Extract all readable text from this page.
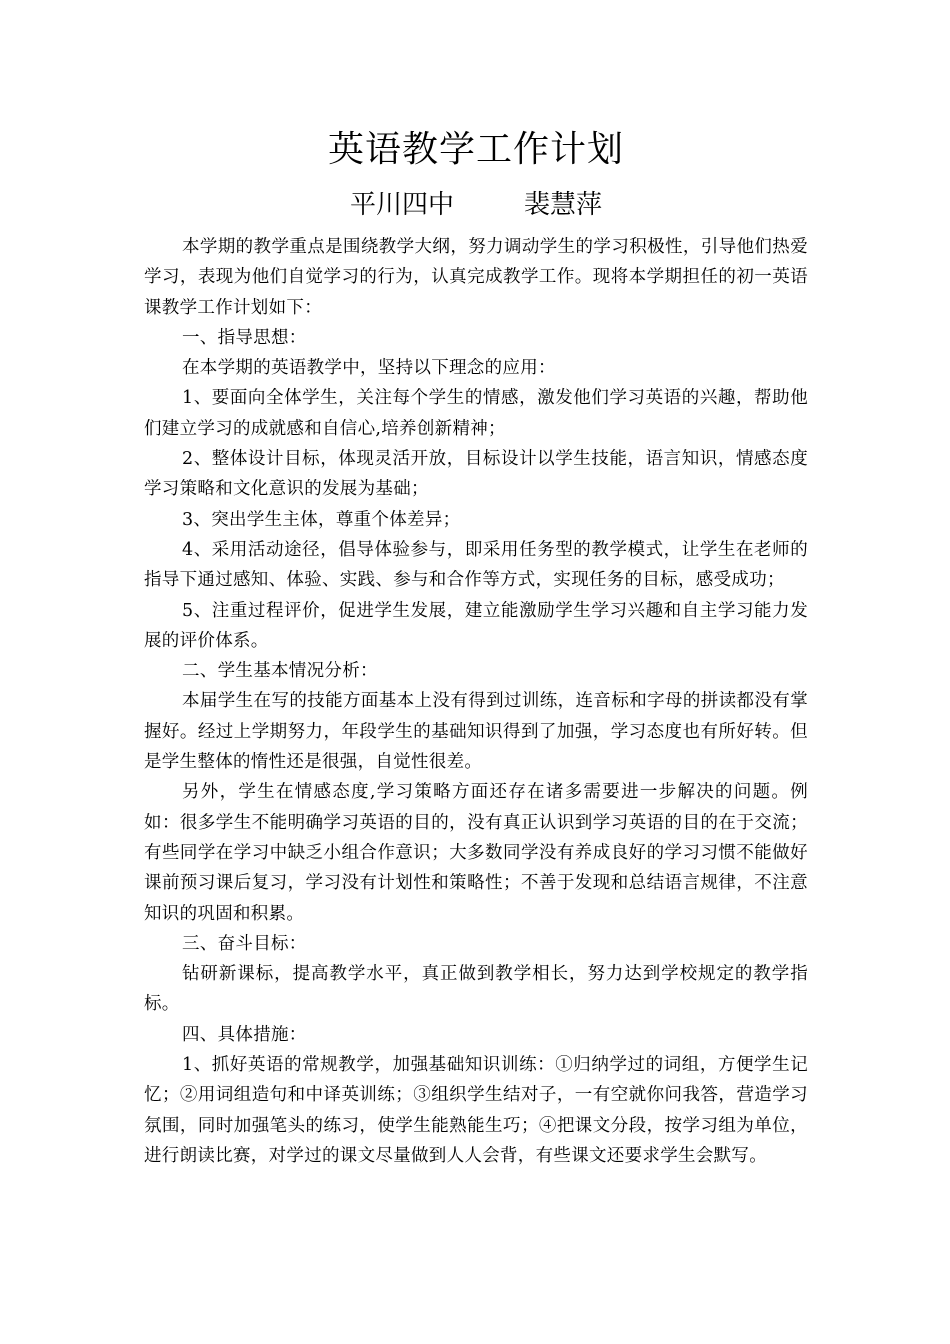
英语教学工作计划
平川四中	裴慧萍

本学期的教学重点是围绕教学大纲，努力调动学生的学习积极性，引导他们热爱学习，表现为他们自觉学习的行为，认真完成教学工作。现将本学期担任的初一英语课教学工作计划如下：

一、指导思想：

在本学期的英语教学中，坚持以下理念的应用：

1、要面向全体学生，关注每个学生的情感，激发他们学习英语的兴趣，帮助他们建立学习的成就感和自信心,培养创新精神；

2、整体设计目标，体现灵活开放，目标设计以学生技能，语言知识，情感态度学习策略和文化意识的发展为基础；

3、突出学生主体，尊重个体差异；

4、采用活动途径，倡导体验参与，即采用任务型的教学模式，让学生在老师的指导下通过感知、体验、实践、参与和合作等方式，实现任务的目标，感受成功；

5、注重过程评价，促进学生发展，建立能激励学生学习兴趣和自主学习能力发展的评价体系。

二、学生基本情况分析：

本届学生在写的技能方面基本上没有得到过训练，连音标和字母的拼读都没有掌握好。经过上学期努力，年段学生的基础知识得到了加强，学习态度也有所好转。但是学生整体的惰性还是很强，自觉性很差。

另外，学生在情感态度,学习策略方面还存在诸多需要进一步解决的问题。例如：很多学生不能明确学习英语的目的，没有真正认识到学习英语的目的在于交流；有些同学在学习中缺乏小组合作意识；大多数同学没有养成良好的学习习惯不能做好课前预习课后复习，学习没有计划性和策略性；不善于发现和总结语言规律，不注意知识的巩固和积累。

三、奋斗目标：

钻研新课标，提高教学水平，真正做到教学相长，努力达到学校规定的教学指标。

四、具体措施：

1、抓好英语的常规教学，加强基础知识训练：①归纳学过的词组，方便学生记忆；②用词组造句和中译英训练；③组织学生结对子，一有空就你问我答，营造学习氛围，同时加强笔头的练习，使学生能熟能生巧；④把课文分段，按学习组为单位，进行朗读比赛，对学过的课文尽量做到人人会背，有些课文还要求学生会默写。
